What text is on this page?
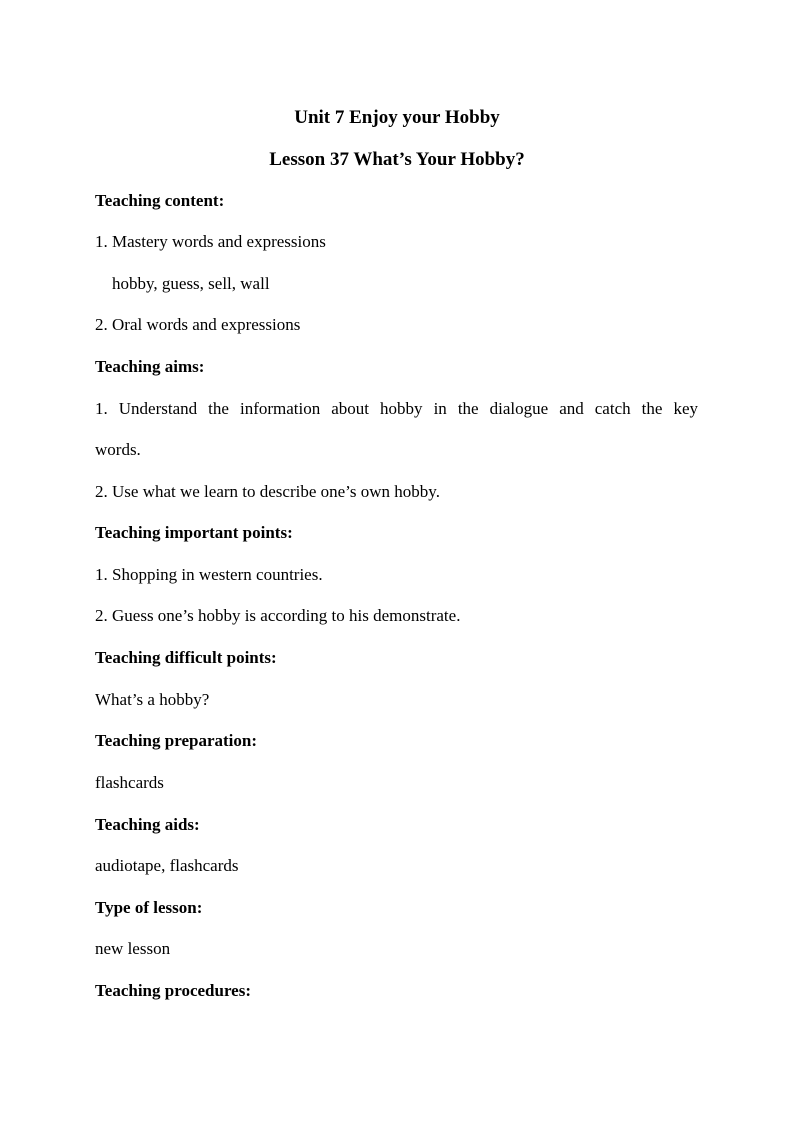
Unit 7 Enjoy your Hobby
Lesson 37 What’s Your Hobby?
Teaching content:
1. Mastery words and expressions
hobby, guess, sell, wall
2. Oral words and expressions
Teaching aims:
1. Understand the information about hobby in the dialogue and catch the key
words.
2. Use what we learn to describe one’s own hobby.
Teaching important points:
1. Shopping in western countries.
2. Guess one’s hobby is according to his demonstrate.
Teaching difficult points:
What’s a hobby?
Teaching preparation:
flashcards
Teaching aids:
audiotape, flashcards
Type of lesson:
new lesson
Teaching procedures:
